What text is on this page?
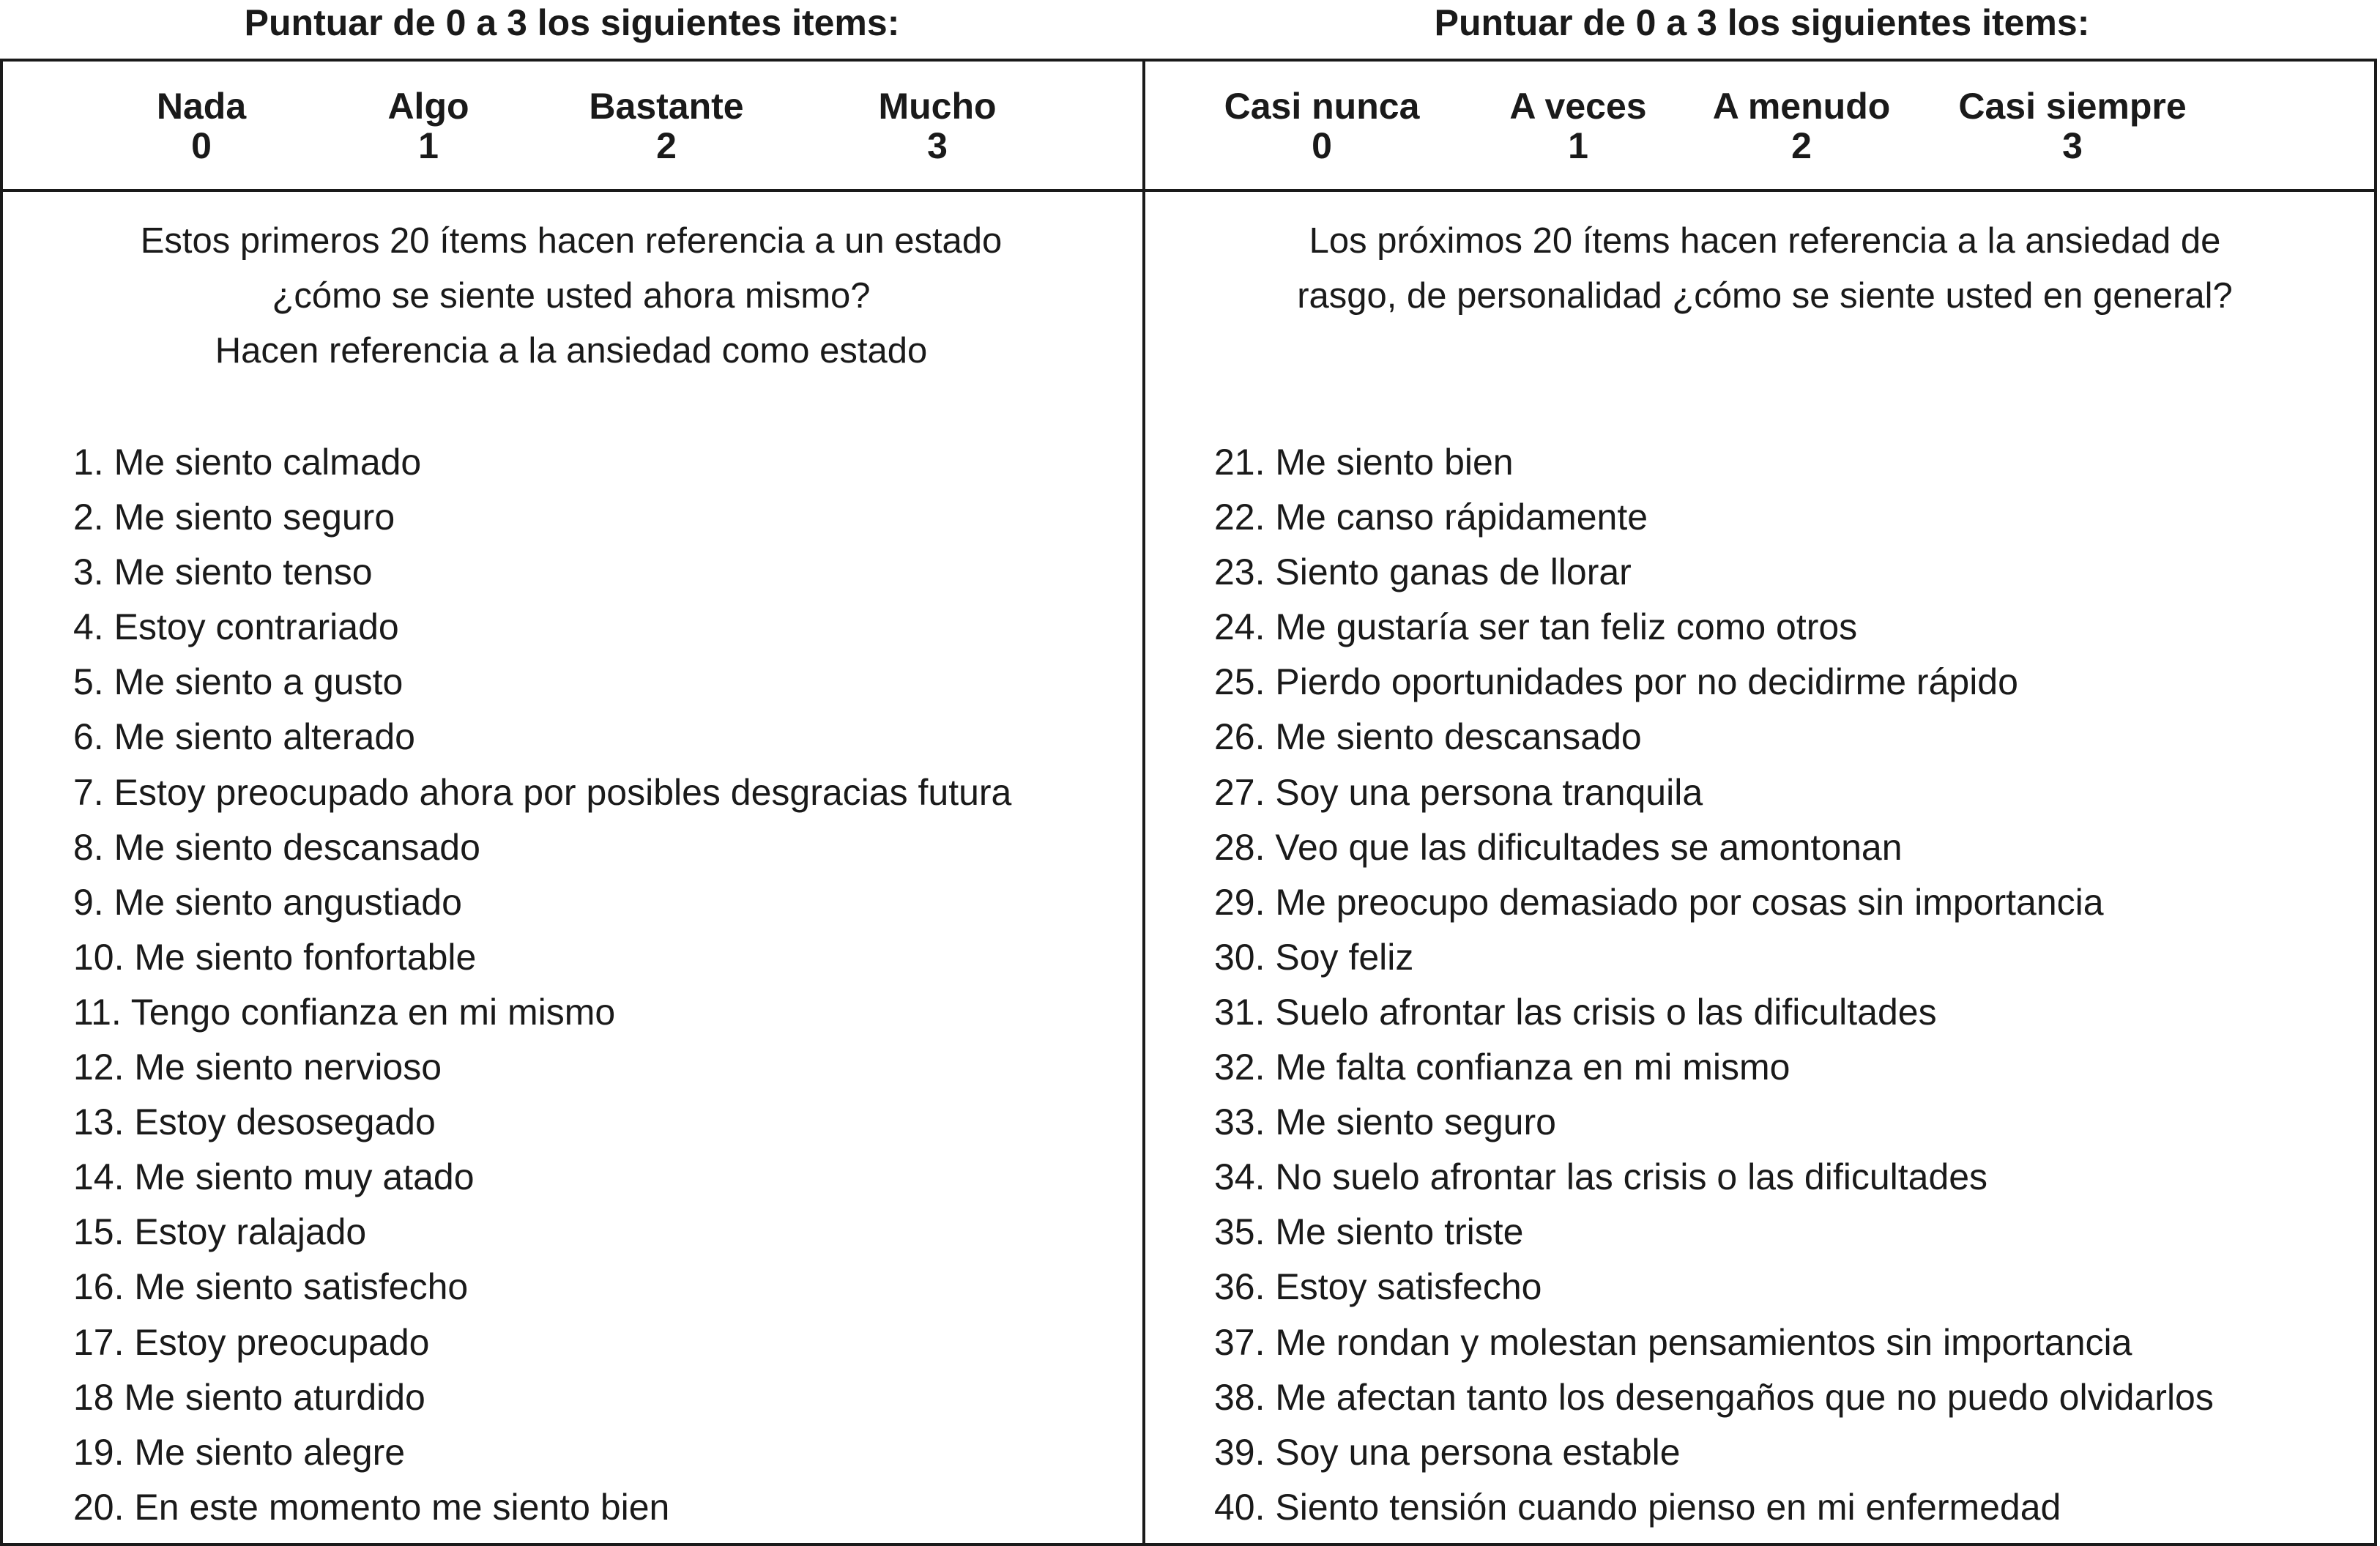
Puntuar de 0 a 3 los siguientes items:	Puntuar de 0 a 3 los siguientes items:
Nada
0
Algo
1
Bastante
2
Mucho
3
Casi nunca
0
A veces
1
A menudo
2
Casi siempre
3
Estos primeros 20 ítems hacen referencia a un estado
¿cómo se siente usted ahora mismo?
Hacen referencia a la ansiedad como estado
Los próximos 20 ítems hacen referencia a la ansiedad de
rasgo, de personalidad ¿cómo se siente usted en general?
1. Me siento calmado
2. Me siento seguro
3. Me siento tenso
4. Estoy contrariado
5. Me siento a gusto
6. Me siento alterado
7. Estoy preocupado ahora por posibles desgracias futura
8. Me siento descansado
9. Me siento angustiado
10. Me siento fonfortable
11. Tengo confianza en mi mismo
12. Me siento nervioso
13. Estoy desosegado
14. Me siento muy atado
15. Estoy ralajado
16. Me siento satisfecho
17. Estoy preocupado
18 Me siento aturdido
19. Me siento alegre
20. En este momento me siento bien
21. Me siento bien
22. Me canso rápidamente
23. Siento ganas de llorar
24. Me gustaría ser tan feliz como otros
25. Pierdo oportunidades por no decidirme rápido
26. Me siento descansado
27. Soy una persona tranquila
28. Veo que las dificultades se amontonan
29. Me preocupo demasiado por cosas sin importancia
30. Soy feliz
31. Suelo afrontar las crisis o las dificultades
32. Me falta confianza en mi mismo
33. Me siento seguro
34. No suelo afrontar las crisis o las dificultades
35. Me siento triste
36. Estoy satisfecho
37. Me rondan y molestan pensamientos sin importancia
38. Me afectan tanto los desengaños que no puedo olvidarlos
39. Soy una persona estable
40. Siento tensión cuando pienso en mi enfermedad
